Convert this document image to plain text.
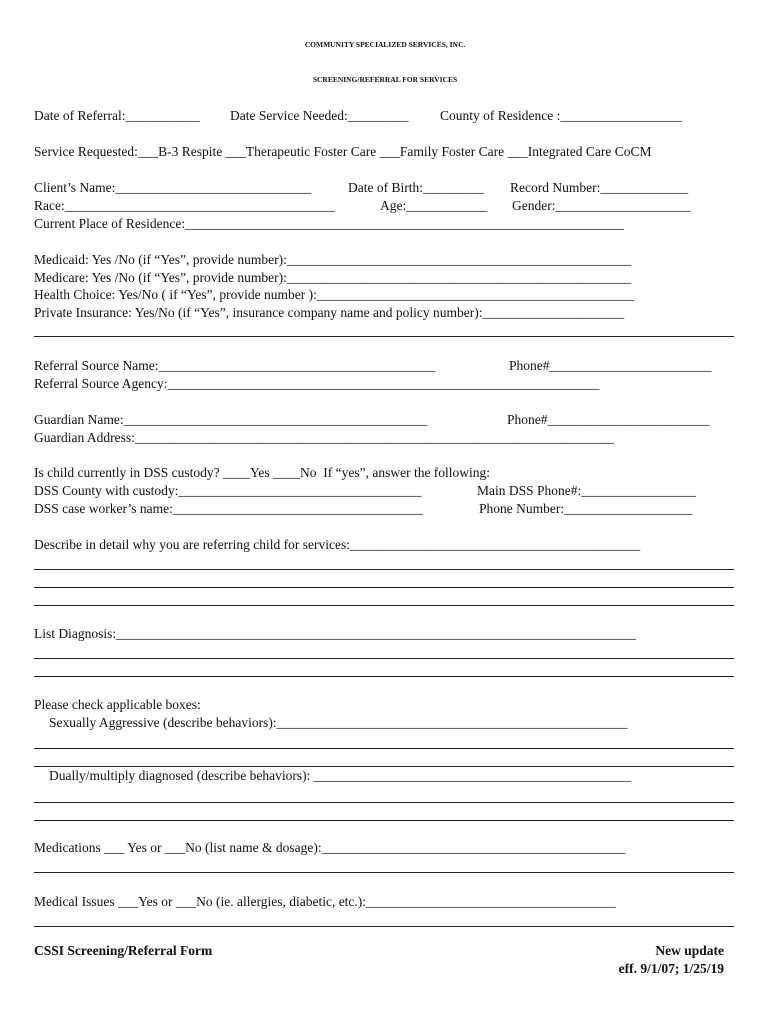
COMMUNITY SPECIALIZED SERVICES, INC.
SCREENING/REFERRAL FOR SERVICES
Date of Referral:___________ Date Service Needed:_________ County of Residence :__________________
Service Requested:___B-3 Respite ___Therapeutic Foster Care ___Family Foster Care ___Integrated Care CoCM
Client’s Name:_____________________________	Date of Birth:_________ Record Number:_____________
Race:________________________________________	Age:____________ Gender:____________________
Current Place of Residence:_________________________________________________________________
Medicaid: Yes /No (if “Yes”, provide number):___________________________________________________
Medicare: Yes /No (if “Yes”, provide number):___________________________________________________
Health Choice: Yes/No ( if “Yes”, provide number ):_______________________________________________
Private Insurance: Yes/No (if “Yes”, insurance company name and policy number):_____________________
Referral Source Name:_________________________________________	Phone#________________________
Referral Source Agency:________________________________________________________________
Guardian Name:_____________________________________________	Phone#________________________
Guardian Address:_______________________________________________________________________
Is child currently in DSS custody? ____Yes ____No  If “yes”, answer the following:
DSS County with custody:____________________________________	Main DSS Phone#:_________________
DSS case worker’s name:_____________________________________	Phone Number:___________________
Describe in detail why you are referring child for services:___________________________________________
List Diagnosis:_____________________________________________________________________________
Please check applicable boxes:
Sexually Aggressive (describe behaviors):____________________________________________________
Dually/multiply diagnosed (describe behaviors): _______________________________________________
Medications ___ Yes or ___No (list name & dosage):_____________________________________________
Medical Issues ___Yes or ___No (ie. allergies, diabetic, etc.):_____________________________________
CSSI Screening/Referral Form	New update
eff. 9/1/07; 1/25/19
